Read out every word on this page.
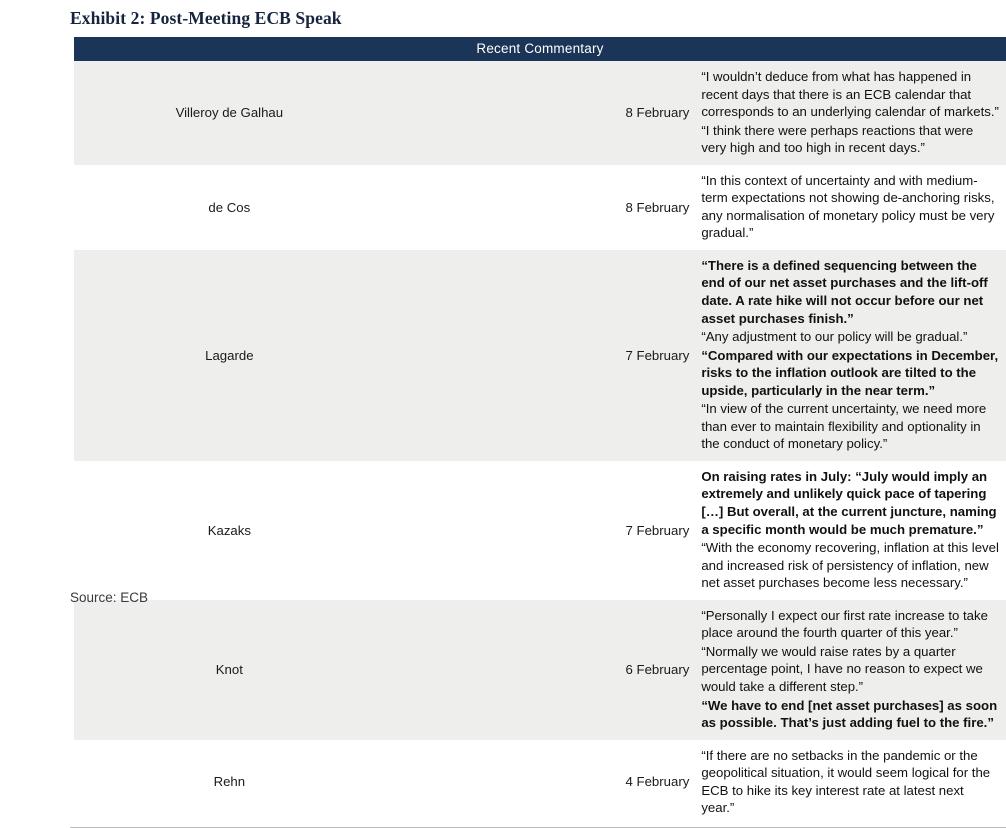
Exhibit 2: Post-Meeting ECB Speak
Recent Commentary		
Villeroy de Galhau	8 February	“I wouldn’t deduce from what has happened in recent days that there is an ECB calendar that corresponds to an underlying calendar of markets.”

“I think there were perhaps reactions that were very high and too high in recent days.”

de Cos	8 February	“In this context of uncertainty and with medium-term expectations not showing de-anchoring risks, any normalisation of monetary policy must be very gradual.”

Lagarde	7 February	“There is a defined sequencing between the end of our net asset purchases and the lift-off date. A rate hike will not occur before our net asset purchases finish.”

“Any adjustment to our policy will be gradual.”

“Compared with our expectations in December, risks to the inflation outlook are tilted to the upside, particularly in the near term.”

“In view of the current uncertainty, we need more than ever to maintain flexibility and optionality in the conduct of monetary policy.”

Kazaks	7 February	On raising rates in July: “July would imply an extremely and unlikely quick pace of tapering […] But overall, at the current juncture, naming a specific month would be much premature.”

“With the economy recovering, inflation at this level and increased risk of persistency of inflation, new net asset purchases become less necessary.”

Knot	6 February	“Personally I expect our first rate increase to take place around the fourth quarter of this year.”

“Normally we would raise rates by a quarter percentage point, I have no reason to expect we would take a different step.”

“We have to end [net asset purchases] as soon as possible. That’s just adding fuel to the fire.”

Rehn	4 February	“If there are no setbacks in the pandemic or the geopolitical situation, it would seem logical for the ECB to hike its key interest rate at latest next year.”

Source: ECB
